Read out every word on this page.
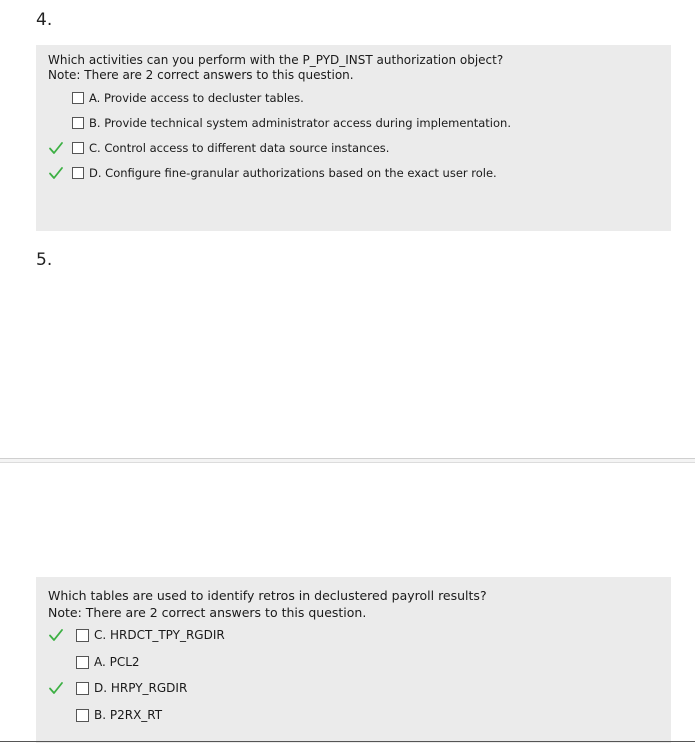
4.
Which activities can you perform with the P_PYD_INST authorization object?
Note: There are 2 correct answers to this question.
A. Provide access to decluster tables.
B. Provide technical system administrator access during implementation.
C. Control access to different data source instances.
D. Configure fine-granular authorizations based on the exact user role.
5.
Which tables are used to identify retros in declustered payroll results?
Note: There are 2 correct answers to this question.
C. HRDCT_TPY_RGDIR
A. PCL2
D. HRPY_RGDIR
B. P2RX_RT
